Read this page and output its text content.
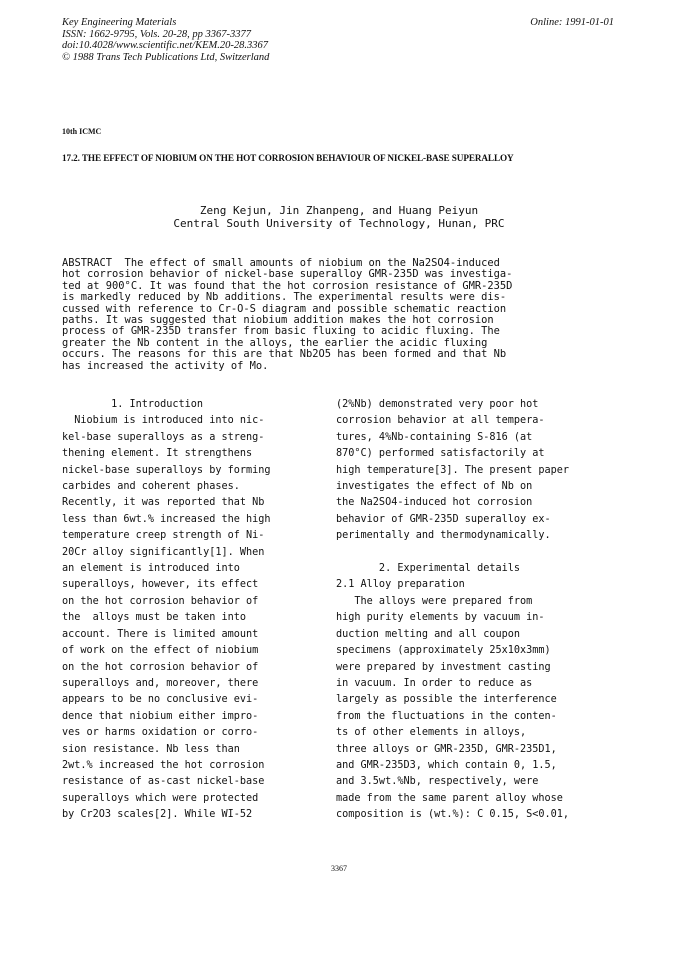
Key Engineering Materials
ISSN: 1662-9795, Vols. 20-28, pp 3367-3377
doi:10.4028/www.scientific.net/KEM.20-28.3367
© 1988 Trans Tech Publications Ltd, Switzerland
Online: 1991-01-01
10th ICMC
17.2. THE EFFECT OF NIOBIUM ON THE HOT CORROSION BEHAVIOUR OF NICKEL-BASE SUPERALLOY
Zeng Kejun, Jin Zhanpeng, and Huang Peiyun
Central South University of Technology, Hunan, PRC
ABSTRACT  The effect of small amounts of niobium on the Na2SO4-induced
hot corrosion behavior of nickel-base superalloy GMR-235D was investiga-
ted at 900°C. It was found that the hot corrosion resistance of GMR-235D
is markedly reduced by Nb additions. The experimental results were dis-
cussed with reference to Cr-O-S diagram and possible schematic reaction
paths. It was suggested that niobium addition makes the hot corrosion
process of GMR-235D transfer from basic fluxing to acidic fluxing. The
greater the Nb content in the alloys, the earlier the acidic fluxing
occurs. The reasons for this are that Nb2O5 has been formed and that Nb
has increased the activity of Mo.
1. Introduction
Niobium is introduced into nic-
kel-base superalloys as a streng-
thening element. It strengthens
nickel-base superalloys by forming
carbides and coherent phases.
Recently, it was reported that Nb
less than 6wt.% increased the high
temperature creep strength of Ni-
20Cr alloy significantly[1]. When
an element is introduced into
superalloys, however, its effect
on the hot corrosion behavior of
the  alloys must be taken into
account. There is limited amount
of work on the effect of niobium
on the hot corrosion behavior of
superalloys and, moreover, there
appears to be no conclusive evi-
dence that niobium either impro-
ves or harms oxidation or corro-
sion resistance. Nb less than
2wt.% increased the hot corrosion
resistance of as-cast nickel-base
superalloys which were protected
by Cr2O3 scales[2]. While WI-52
(2%Nb) demonstrated very poor hot
corrosion behavior at all tempera-
tures, 4%Nb-containing S-816 (at
870°C) performed satisfactorily at
high temperature[3]. The present paper
investigates the effect of Nb on
the Na2SO4-induced hot corrosion
behavior of GMR-235D superalloy ex-
perimentally and thermodynamically.

2. Experimental details
2.1 Alloy preparation
The alloys were prepared from
high purity elements by vacuum in-
duction melting and all coupon
specimens (approximately 25x10x3mm)
were prepared by investment casting
in vacuum. In order to reduce as
largely as possible the interference
from the fluctuations in the conten-
ts of other elements in alloys,
three alloys or GMR-235D, GMR-235D1,
and GMR-235D3, which contain 0, 1.5,
and 3.5wt.%Nb, respectively, were
made from the same parent alloy whose
composition is (wt.%): C 0.15, S<0.01,
3367
